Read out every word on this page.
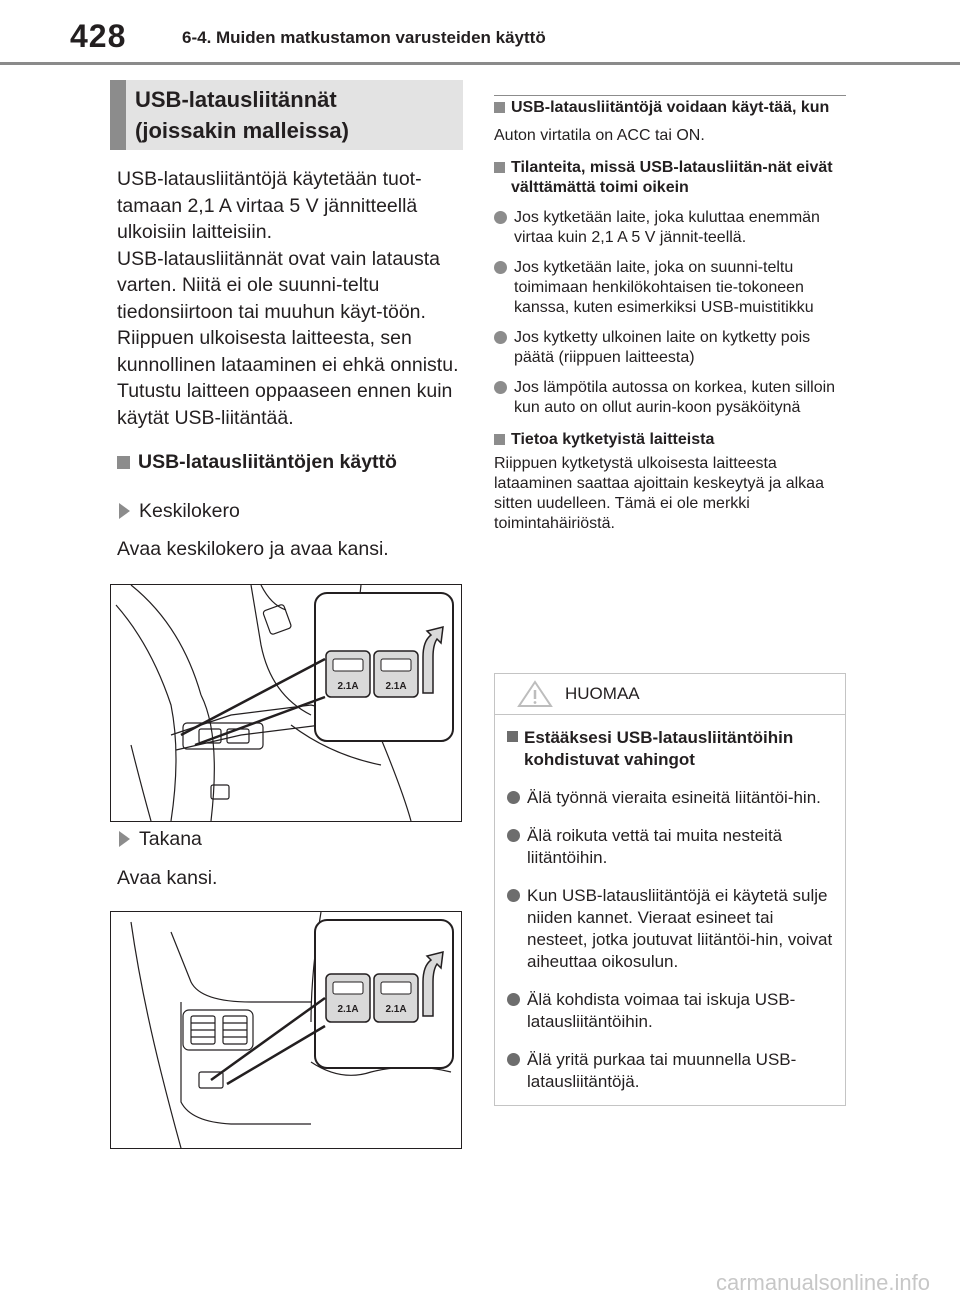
428	6-4. Muiden matkustamon varusteiden käyttö
USB-latausliitännät
(joissakin malleissa)

USB-latausliitäntöjä käytetään tuot-tamaan 2,1 A virtaa 5 V jännitteellä ulkoisiin laitteisiin.

USB-latausliitännät ovat vain latausta varten. Niitä ei ole suunni-teltu tiedonsiirtoon tai muuhun käyt-töön.

Riippuen ulkoisesta laitteesta, sen kunnollinen lataaminen ei ehkä onnistu. Tutustu laitteen oppaaseen ennen kuin käytät USB-liitäntää.

USB-latausliitäntöjen käyttö
Keskilokero

Avaa keskilokero ja avaa kansi.

2.1A	2.1A
Takana

Avaa kansi.

2.1A	2.1A
USB-latausliitäntöjä voidaan käyt-tää, kun
Auton virtatila on ACC tai ON.
Tilanteita, missä USB-latausliitän-nät eivät välttämättä toimi oikein
Jos kytketään laite, joka kuluttaa enemmän virtaa kuin 2,1 A 5 V jännit-teellä.
Jos kytketään laite, joka on suunni-teltu toimimaan henkilökohtaisen tie-tokoneen kanssa, kuten esimerkiksi USB-muistitikku
Jos kytketty ulkoinen laite on kytketty pois päätä (riippuen laitteesta)
Jos lämpötila autossa on korkea, kuten silloin kun auto on ollut aurin-koon pysäköitynä
Tietoa kytketyistä laitteista
Riippuen kytketystä ulkoisesta laitteesta lataaminen saattaa ajoittain keskeytyä ja alkaa sitten uudelleen. Tämä ei ole merkki toimintahäiriöstä.
HUOMAA
Estääksesi USB-latausliitäntöihin kohdistuvat vahingot
Älä työnnä vieraita esineitä liitäntöi-hin.
Älä roikuta vettä tai muita nesteitä liitäntöihin.
Kun USB-latausliitäntöjä ei käytetä sulje niiden kannet. Vieraat esineet tai nesteet, jotka joutuvat liitäntöi-hin, voivat aiheuttaa oikosulun.
Älä kohdista voimaa tai iskuja USB-latausliitäntöihin.
Älä yritä purkaa tai muunnella USB-latausliitäntöjä.
carmanualsonline.info
